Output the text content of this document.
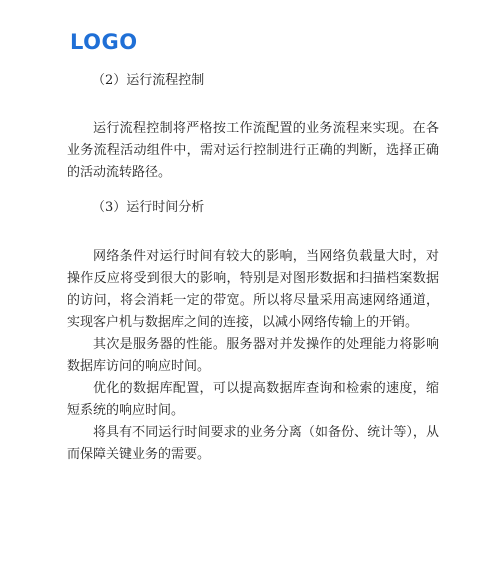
LOGO
（2）运行流程控制

运行流程控制将严格按工作流配置的业务流程来实现。在各业务流程活动组件中，需对运行控制进行正确的判断，选择正确的活动流转路径。

（3）运行时间分析

网络条件对运行时间有较大的影响，当网络负载量大时，对操作反应将受到很大的影响，特别是对图形数据和扫描档案数据的访问，将会消耗一定的带宽。所以将尽量采用高速网络通道，实现客户机与数据库之间的连接，以减小网络传输上的开销。

其次是服务器的性能。服务器对并发操作的处理能力将影响数据库访问的响应时间。

优化的数据库配置，可以提高数据库查询和检索的速度，缩短系统的响应时间。

将具有不同运行时间要求的业务分离（如备份、统计等），从而保障关键业务的需要。
